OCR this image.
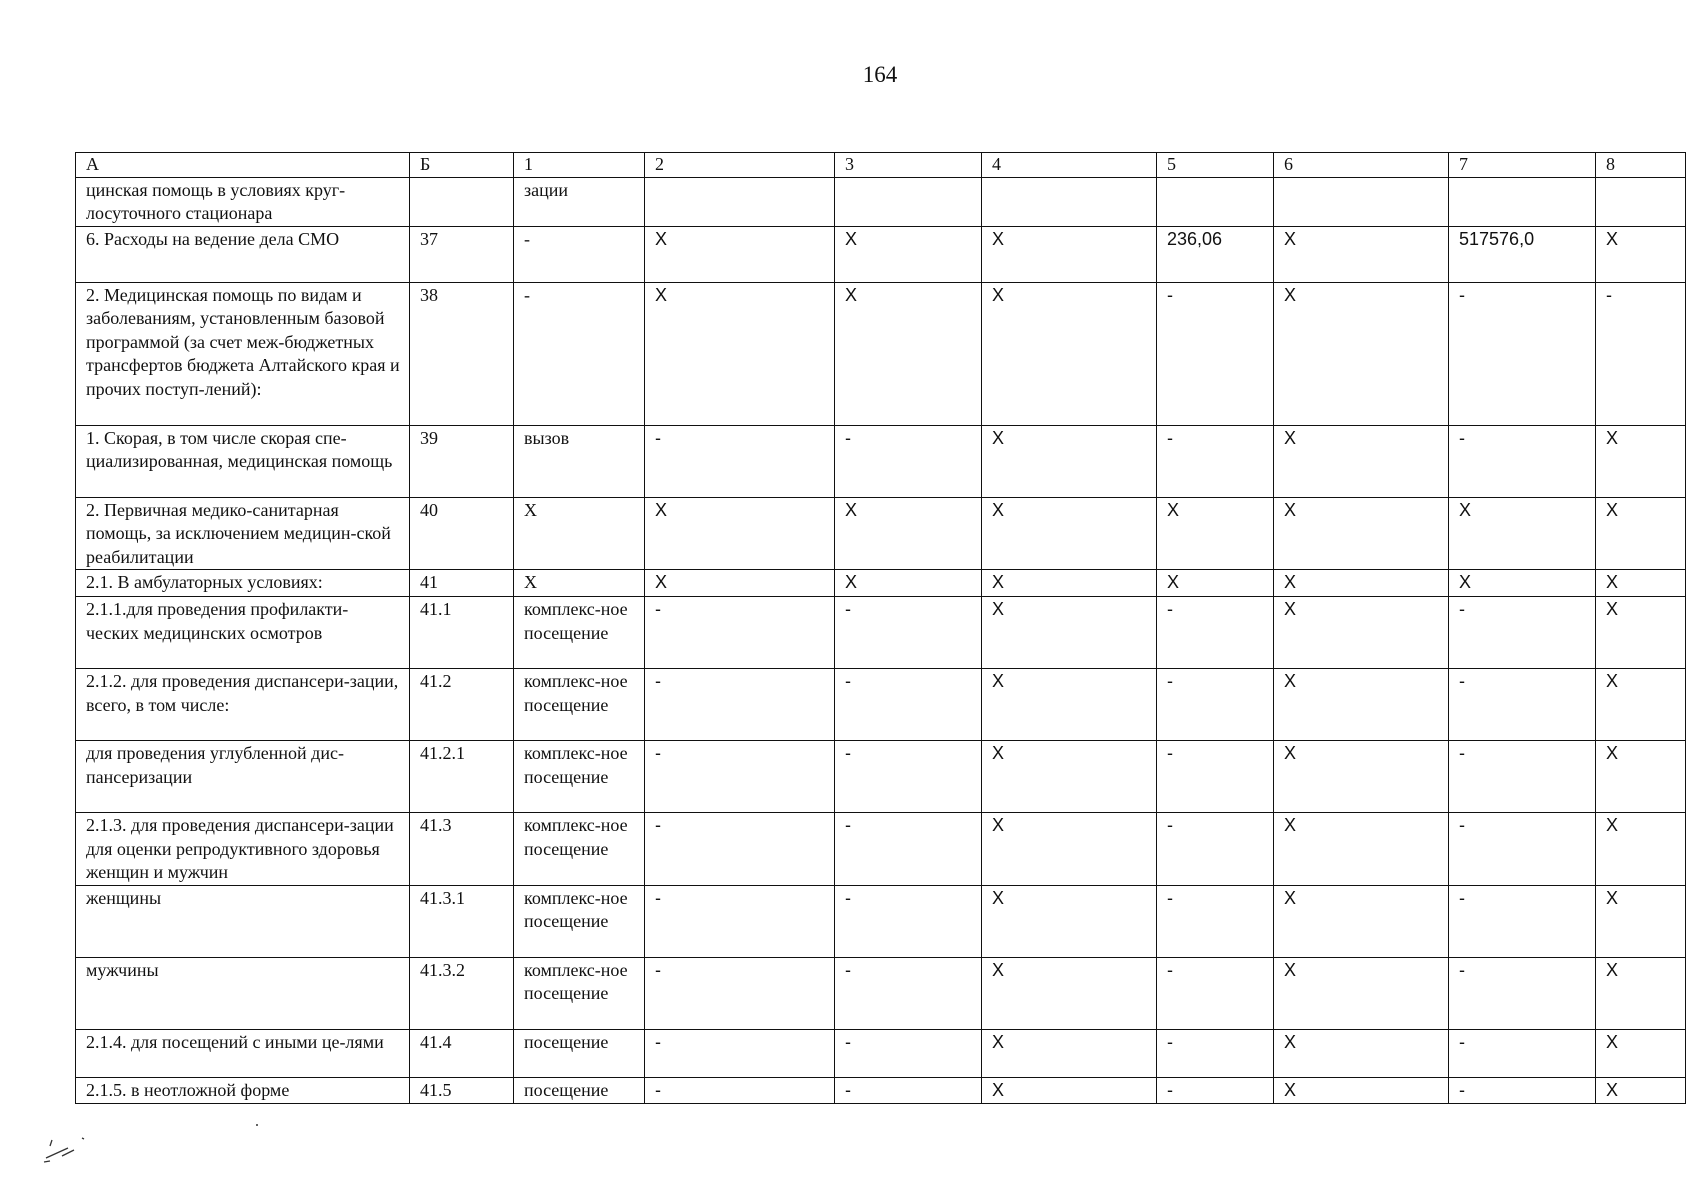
164
А	Б	1	2	3	4	5	6	7	8
цинская помощь в условиях круг-лосуточного стационара		зации							
6. Расходы на ведение дела СМО	37	-	X	X	X	236,06	X	517576,0	X
2. Медицинская помощь по видам и заболеваниям, установленным базовой программой (за счет меж-бюджетных трансфертов бюджета Алтайского края и прочих поступ-лений):	38	-	X	X	X	-	X	-	-
1. Скорая, в том числе скорая спе-циализированная, медицинская помощь	39	вызов	-	-	X	-	X	-	X
2. Первичная медико-санитарная помощь, за исключением медицин-ской реабилитации	40	X	X	X	X	X	X	X	X
2.1. В амбулаторных условиях:	41	X	X	X	X	X	X	X	X
2.1.1.для проведения профилакти-ческих медицинских осмотров	41.1	комплекс-ное посещение	-	-	X	-	X	-	X
2.1.2. для проведения диспансери-зации, всего, в том числе:	41.2	комплекс-ное посещение	-	-	X	-	X	-	X
для проведения углубленной дис-пансеризации	41.2.1	комплекс-ное посещение	-	-	X	-	X	-	X
2.1.3. для проведения диспансери-зации для оценки репродуктивного здоровья женщин и мужчин	41.3	комплекс-ное посещение	-	-	X	-	X	-	X
женщины	41.3.1	комплекс-ное посещение	-	-	X	-	X	-	X
мужчины	41.3.2	комплекс-ное посещение	-	-	X	-	X	-	X
2.1.4. для посещений с иными це-лями	41.4	посещение	-	-	X	-	X	-	X
2.1.5. в неотложной форме	41.5	посещение	-	-	X	-	X	-	X
